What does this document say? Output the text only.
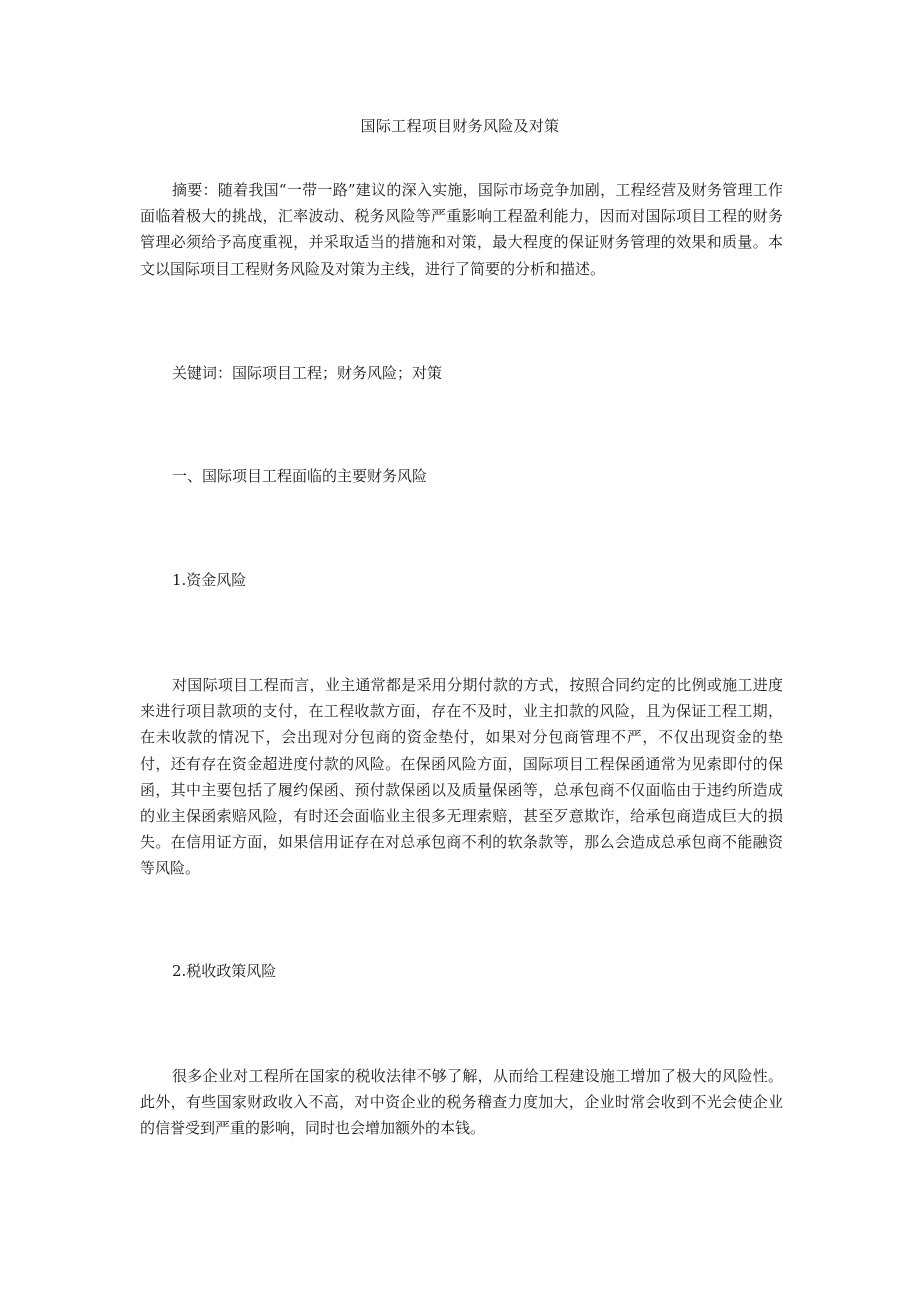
国际工程项目财务风险及对策

摘要：随着我国“一带一路”建议的深入实施，国际市场竞争加剧，工程经营及财务管理工作面临着极大的挑战，汇率波动、税务风险等严重影响工程盈利能力，因而对国际项目工程的财务管理必须给予高度重视，并采取适当的措施和对策，最大程度的保证财务管理的效果和质量。本文以国际项目工程财务风险及对策为主线，进行了简要的分析和描述。

关键词：国际项目工程；财务风险；对策

一、国际项目工程面临的主要财务风险

1.资金风险

对国际项目工程而言，业主通常都是采用分期付款的方式，按照合同约定的比例或施工进度来进行项目款项的支付，在工程收款方面，存在不及时，业主扣款的风险，且为保证工程工期，在未收款的情况下，会出现对分包商的资金垫付，如果对分包商管理不严，不仅出现资金的垫付，还有存在资金超进度付款的风险。在保函风险方面，国际项目工程保函通常为见索即付的保函，其中主要包括了履约保函、预付款保函以及质量保函等，总承包商不仅面临由于违约所造成的业主保函索赔风险，有时还会面临业主很多无理索赔，甚至歹意欺诈，给承包商造成巨大的损失。在信用证方面，如果信用证存在对总承包商不利的软条款等，那么会造成总承包商不能融资等风险。

2.税收政策风险

很多企业对工程所在国家的税收法律不够了解，从而给工程建设施工增加了极大的风险性。此外，有些国家财政收入不高，对中资企业的税务稽查力度加大，企业时常会收到不光会使企业的信誉受到严重的影响，同时也会增加额外的本钱。
